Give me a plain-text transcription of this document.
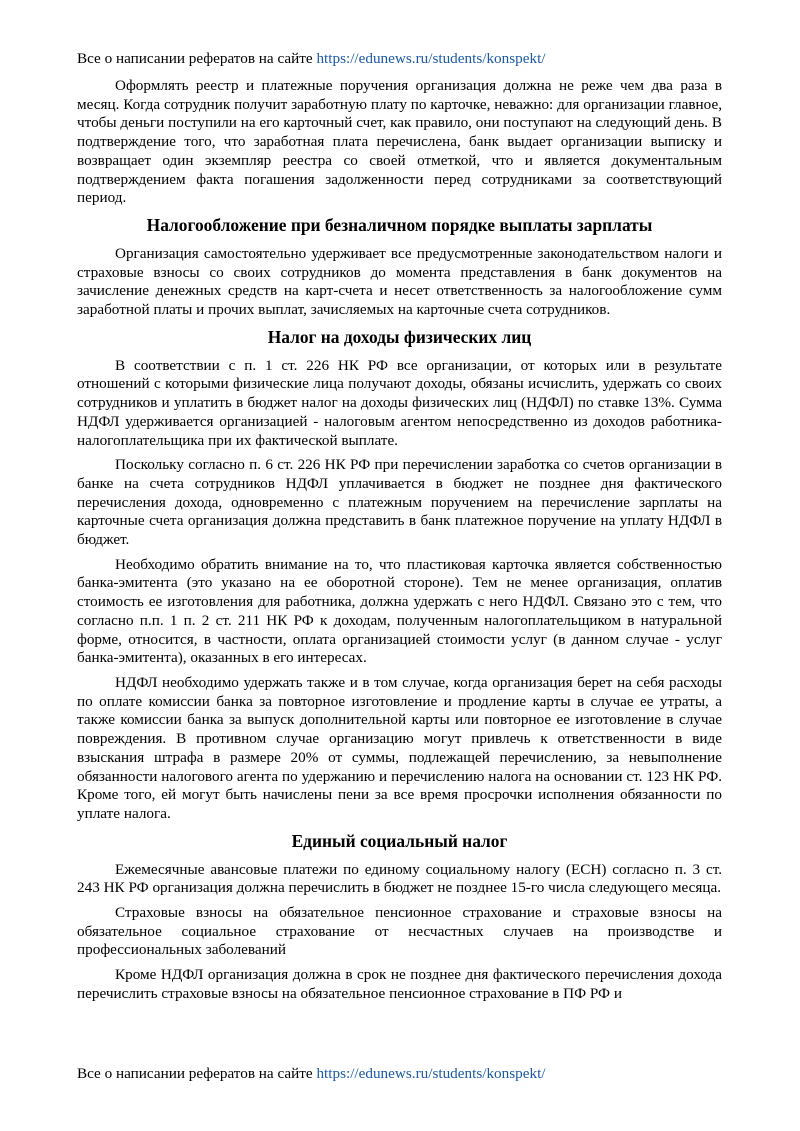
Все о написании рефератов на сайте https://edunews.ru/students/konspekt/

Оформлять реестр и платежные поручения организация должна не реже чем два раза в месяц. Когда сотрудник получит заработную плату по карточке, неважно: для организации главное, чтобы деньги поступили на его карточный счет, как правило, они поступают на следующий день. В подтверждение того, что заработная плата перечислена, банк выдает организации выписку и возвращает один экземпляр реестра со своей отметкой, что и является документальным подтверждением факта погашения задолженности перед сотрудниками за соответствующий период.

Налогообложение при безналичном порядке выплаты зарплаты

Организация самостоятельно удерживает все предусмотренные законодательством налоги и страховые взносы со своих сотрудников до момента представления в банк документов на зачисление денежных средств на карт-счета и несет ответственность за налогообложение сумм заработной платы и прочих выплат, зачисляемых на карточные счета сотрудников.

Налог на доходы физических лиц

В соответствии с п. 1 ст. 226 НК РФ все организации, от которых или в результате отношений с которыми физические лица получают доходы, обязаны исчислить, удержать со своих сотрудников и уплатить в бюджет налог на доходы физических лиц (НДФЛ) по ставке 13%. Сумма НДФЛ удерживается организацией - налоговым агентом непосредственно из доходов работника-налогоплательщика при их фактической выплате.

Поскольку согласно п. 6 ст. 226 НК РФ при перечислении заработка со счетов организации в банке на счета сотрудников НДФЛ уплачивается в бюджет не позднее дня фактического перечисления дохода, одновременно с платежным поручением на перечисление зарплаты на карточные счета организация должна представить в банк платежное поручение на уплату НДФЛ в бюджет.

Необходимо обратить внимание на то, что пластиковая карточка является собственностью банка-эмитента (это указано на ее оборотной стороне). Тем не менее организация, оплатив стоимость ее изготовления для работника, должна удержать с него НДФЛ. Связано это с тем, что согласно п.п. 1 п. 2 ст. 211 НК РФ к доходам, полученным налогоплательщиком в натуральной форме, относится, в частности, оплата организацией стоимости услуг (в данном случае - услуг банка-эмитента), оказанных в его интересах.

НДФЛ необходимо удержать также и в том случае, когда организация берет на себя расходы по оплате комиссии банка за повторное изготовление и продление карты в случае ее утраты, а также комиссии банка за выпуск дополнительной карты или повторное ее изготовление в случае повреждения. В противном случае организацию могут привлечь к ответственности в виде взыскания штрафа в размере 20% от суммы, подлежащей перечислению, за невыполнение обязанности налогового агента по удержанию и перечислению налога на основании ст. 123 НК РФ. Кроме того, ей могут быть начислены пени за все время просрочки исполнения обязанности по уплате налога.

Единый социальный налог

Ежемесячные авансовые платежи по единому социальному налогу (ЕСН) согласно п. 3 ст. 243 НК РФ организация должна перечислить в бюджет не позднее 15-го числа следующего месяца.

Страховые взносы на обязательное пенсионное страхование и страховые взносы на обязательное социальное страхование от несчастных случаев на производстве и профессиональных заболеваний

Кроме НДФЛ организация должна в срок не позднее дня фактического перечисления дохода перечислить страховые взносы на обязательное пенсионное страхование в ПФ РФ и

Все о написании рефератов на сайте https://edunews.ru/students/konspekt/
